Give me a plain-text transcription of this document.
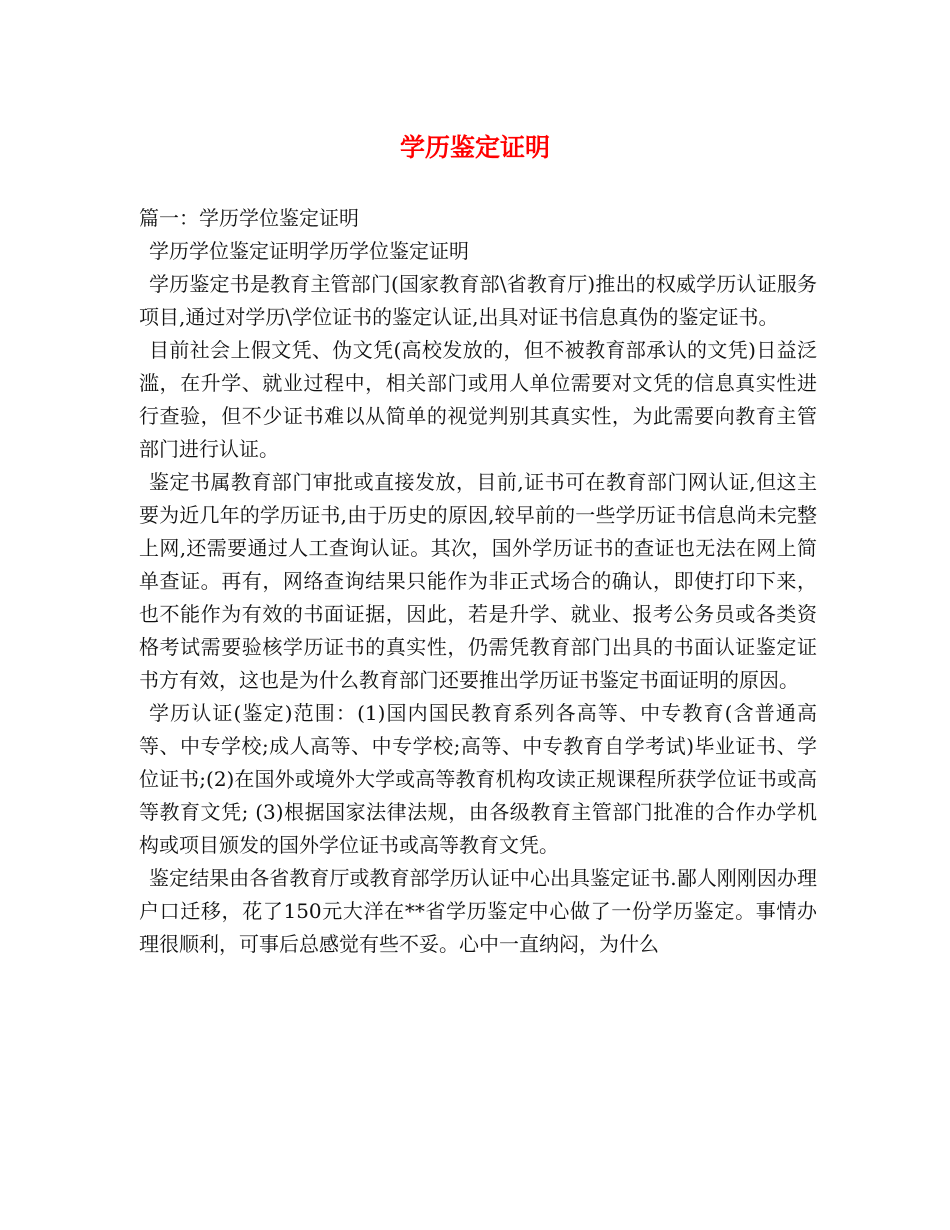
学历鉴定证明

篇一：学历学位鉴定证明

学历学位鉴定证明学历学位鉴定证明

学历鉴定书是教育主管部门(国家教育部\省教育厅)推出的权威学历认证服务项目,通过对学历\学位证书的鉴定认证,出具对证书信息真伪的鉴定证书。

目前社会上假文凭、伪文凭(高校发放的，但不被教育部承认的文凭)日益泛滥，在升学、就业过程中，相关部门或用人单位需要对文凭的信息真实性进行查验，但不少证书难以从简单的视觉判别其真实性，为此需要向教育主管部门进行认证。

鉴定书属教育部门审批或直接发放，目前,证书可在教育部门网认证,但这主要为近几年的学历证书,由于历史的原因,较早前的一些学历证书信息尚未完整上网,还需要通过人工查询认证。其次，国外学历证书的查证也无法在网上简单查证。再有，网络查询结果只能作为非正式场合的确认，即使打印下来，也不能作为有效的书面证据，因此，若是升学、就业、报考公务员或各类资格考试需要验核学历证书的真实性，仍需凭教育部门出具的书面认证鉴定证书方有效，这也是为什么教育部门还要推出学历证书鉴定书面证明的原因。

学历认证(鉴定)范围：(1)国内国民教育系列各高等、中专教育(含普通高等、中专学校;成人高等、中专学校;高等、中专教育自学考试)毕业证书、学位证书;(2)在国外或境外大学或高等教育机构攻读正规课程所获学位证书或高等教育文凭; (3)根据国家法律法规，由各级教育主管部门批准的合作办学机构或项目颁发的国外学位证书或高等教育文凭。

鉴定结果由各省教育厅或教育部学历认证中心出具鉴定证书.鄙人刚刚因办理户口迁移，花了150元大洋在**省学历鉴定中心做了一份学历鉴定。事情办理很顺利，可事后总感觉有些不妥。心中一直纳闷，为什么
